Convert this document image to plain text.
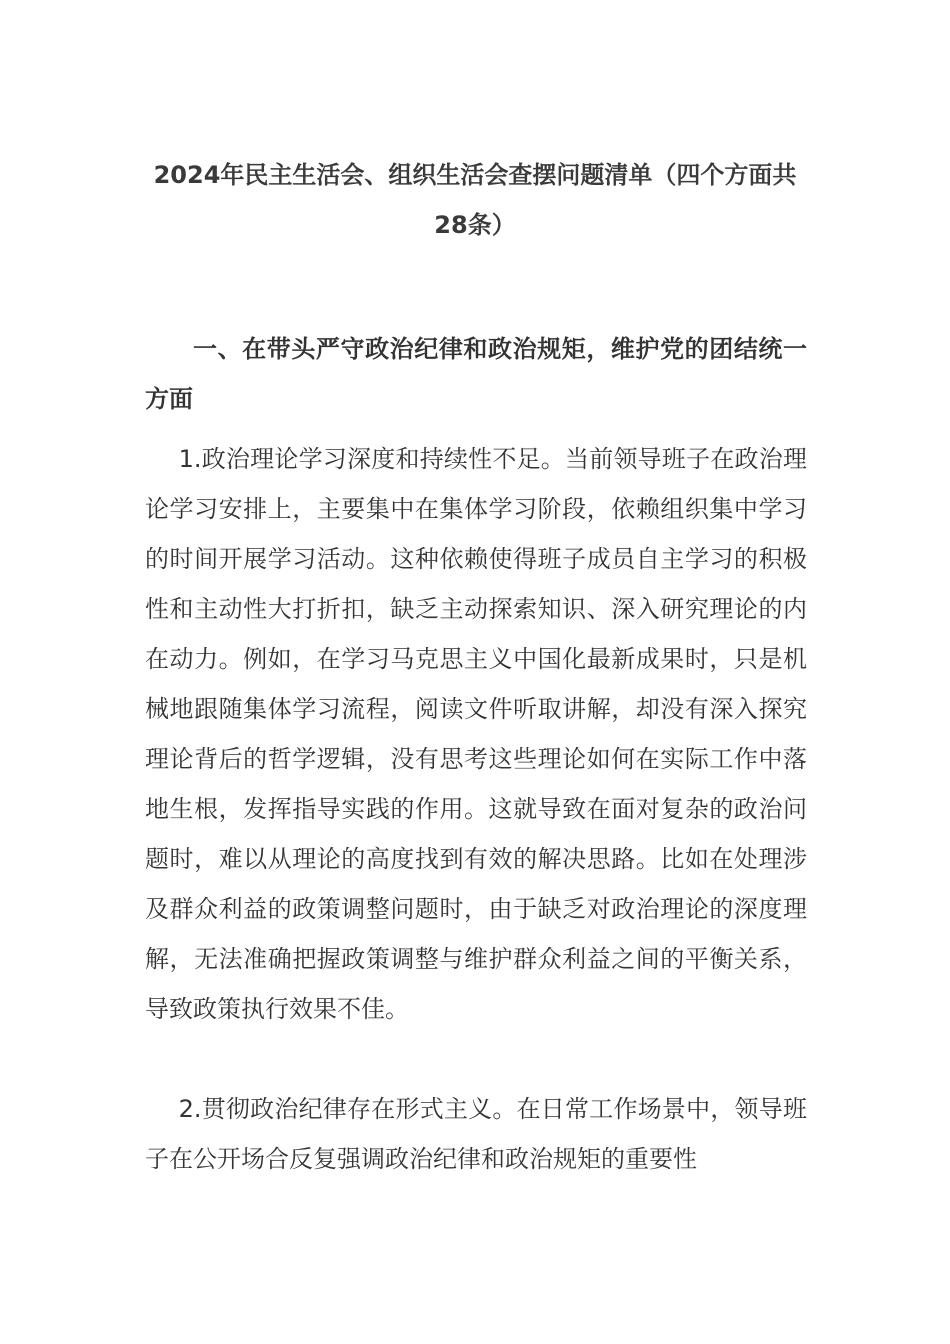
2024年民主生活会、组织生活会查摆问题清单（四个方面共28条）
一、在带头严守政治纪律和政治规矩，维护党的团结统一方面

1.政治理论学习深度和持续性不足。当前领导班子在政治理论学习安排上，主要集中在集体学习阶段，依赖组织集中学习的时间开展学习活动。这种依赖使得班子成员自主学习的积极性和主动性大打折扣，缺乏主动探索知识、深入研究理论的内在动力。例如，在学习马克思主义中国化最新成果时，只是机械地跟随集体学习流程，阅读文件听取讲解，却没有深入探究理论背后的哲学逻辑，没有思考这些理论如何在实际工作中落地生根，发挥指导实践的作用。这就导致在面对复杂的政治问题时，难以从理论的高度找到有效的解决思路。比如在处理涉及群众利益的政策调整问题时，由于缺乏对政治理论的深度理解，无法准确把握政策调整与维护群众利益之间的平衡关系，导致政策执行效果不佳。

2.贯彻政治纪律存在形式主义。在日常工作场景中，领导班子在公开场合反复强调政治纪律和政治规矩的重要性
